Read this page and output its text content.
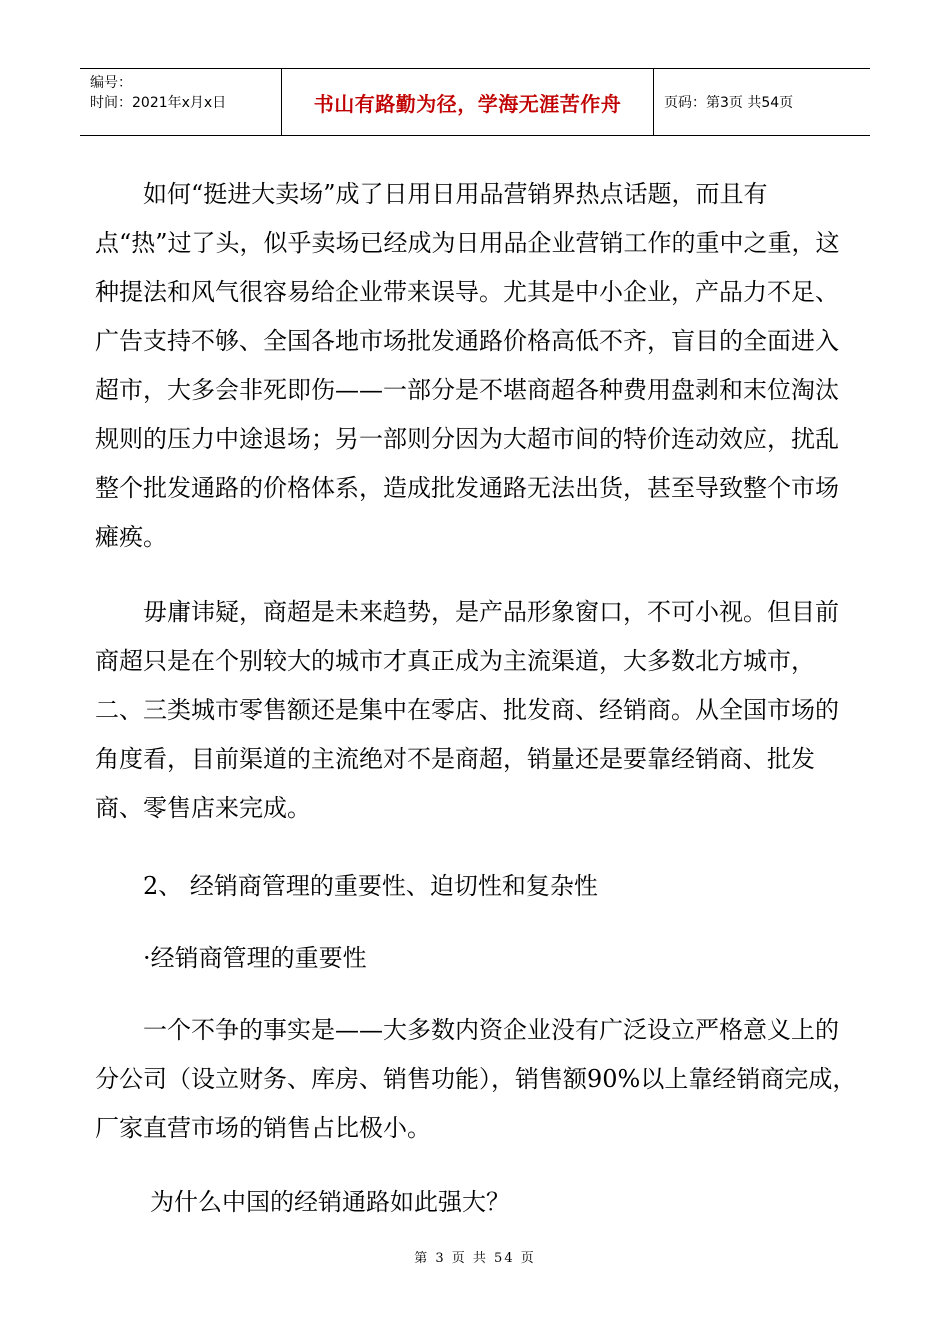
编号：
时间：2021年x月x日	书山有路勤为径，学海无涯苦作舟	页码：第3页 共54页

如何“挺进大卖场”成了日用日用品营销界热点话题，而且有点“热”过了头，似乎卖场已经成为日用品企业营销工作的重中之重，这种提法和风气很容易给企业带来误导。尤其是中小企业，产品力不足、广告支持不够、全国各地市场批发通路价格高低不齐，盲目的全面进入超市，大多会非死即伤——一部分是不堪商超各种费用盘剥和末位淘汰规则的压力中途退场；另一部则分因为大超市间的特价连动效应，扰乱整个批发通路的价格体系，造成批发通路无法出货，甚至导致整个市场瘫痪。

毋庸讳疑，商超是未来趋势，是产品形象窗口，不可小视。但目前商超只是在个别较大的城市才真正成为主流渠道，大多数北方城市，二、三类城市零售额还是集中在零店、批发商、经销商。从全国市场的角度看，目前渠道的主流绝对不是商超，销量还是要靠经销商、批发商、零售店来完成。

2、 经销商管理的重要性、迫切性和复杂性

·经销商管理的重要性

一个不争的事实是——大多数内资企业没有广泛设立严格意义上的分公司（设立财务、库房、销售功能），销售额90%以上靠经销商完成，厂家直营市场的销售占比极小。

为什么中国的经销通路如此强大？

第 3 页 共 54 页
